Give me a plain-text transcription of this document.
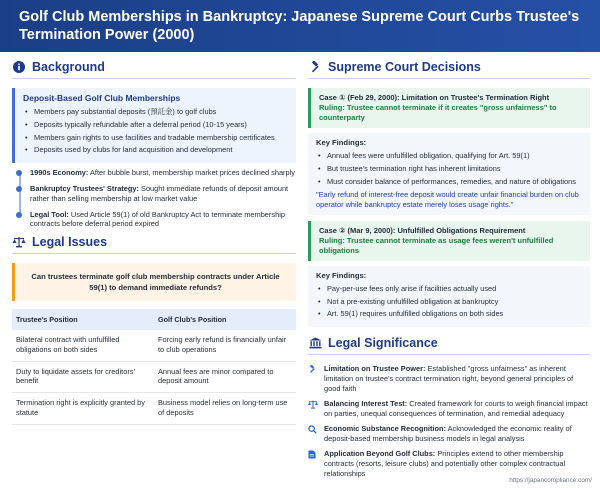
Golf Club Memberships in Bankruptcy: Japanese Supreme Court Curbs Trustee's Termination Power (2000)
Background
Deposit-Based Golf Club Memberships
• Members pay substantial deposits (預託金) to golf clubs
• Deposits typically refundable after a deferral period (10-15 years)
• Members gain rights to use facilities and tradable membership certificates
• Deposits used by clubs for land acquisition and development
1990s Economy: After bubble burst, membership market prices declined sharply
Bankruptcy Trustees' Strategy: Sought immediate refunds of deposit amount rather than selling membership at low market value
Legal Tool: Used Article 59(1) of old Bankruptcy Act to terminate membership contracts before deferral period expired
Legal Issues
Can trustees terminate golf club membership contracts under Article 59(1) to demand immediate refunds?
Trustee's Position	Golf Club's Position
Bilateral contract with unfulfilled obligations on both sides	Forcing early refund is financially unfair to club operations
Duty to liquidate assets for creditors' benefit	Annual fees are minor compared to deposit amount
Termination right is explicitly granted by statute	Business model relies on long-term use of deposits
Supreme Court Decisions
Case ① (Feb 29, 2000): Limitation on Trustee's Termination Right
Ruling: Trustee cannot terminate if it creates "gross unfairness" to counterparty
Key Findings:
• Annual fees were unfulfilled obligation, qualifying for Art. 59(1)
• But trustee's termination right has inherent limitations
• Must consider balance of performances, remedies, and nature of obligations
"Early refund of interest-free deposit would create unfair financial burden on club operator while bankruptcy estate merely loses usage rights."
Case ② (Mar 9, 2000): Unfulfilled Obligations Requirement
Ruling: Trustee cannot terminate as usage fees weren't unfulfilled obligations
Key Findings:
• Pay-per-use fees only arise if facilities actually used
• Not a pre-existing unfulfilled obligation at bankruptcy
• Art. 59(1) requires unfulfilled obligations on both sides
Legal Significance
Limitation on Trustee Power: Established "gross unfairness" as inherent limitation on trustee's contract termination right, beyond general principles of good faith
Balancing Interest Test: Created framework for courts to weigh financial impact on parties, unequal consequences of termination, and remedial adequacy
Economic Substance Recognition: Acknowledged the economic reality of deposit-based membership business models in legal analysis
Application Beyond Golf Clubs: Principles extend to other membership contracts (resorts, leisure clubs) and potentially other complex contractual relationships
https://japancompliance.com/
